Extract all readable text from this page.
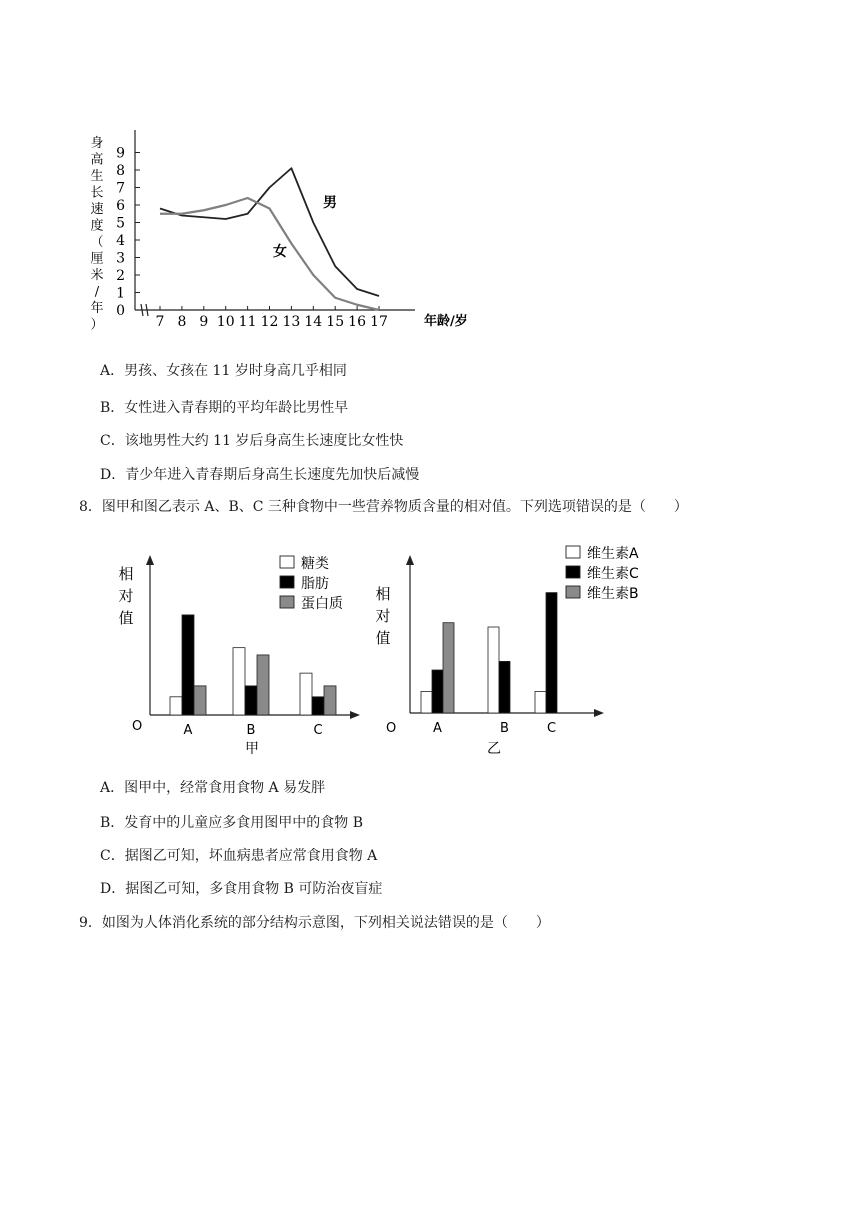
身
高
生
长
速
度
（
厘
米
/
年
）
0
1
2
3
4
5
6
7
8
9
7 8 9 10 11 12 13 14 15 16 17
男
女
年龄/岁
A．男孩、女孩在 11 岁时身高几乎相同
B．女性进入青春期的平均年龄比男性早
C．该地男性大约 11 岁后身高生长速度比女性快
D．青少年进入青春期后身高生长速度先加快后减慢
8．图甲和图乙表示 A、B、C 三种食物中一些营养物质含量的相对值。下列选项错误的是（　　）
相
对
值
O	A	B	C
糖类
脂肪
蛋白质
甲
相
对
值
O	A	B	C
维生素A
维生素C
维生素B
乙
A．图甲中，经常食用食物 A 易发胖
B．发育中的儿童应多食用图甲中的食物 B
C．据图乙可知，坏血病患者应常食用食物 A
D．据图乙可知，多食用食物 B 可防治夜盲症
9．如图为人体消化系统的部分结构示意图，下列相关说法错误的是（　　）
